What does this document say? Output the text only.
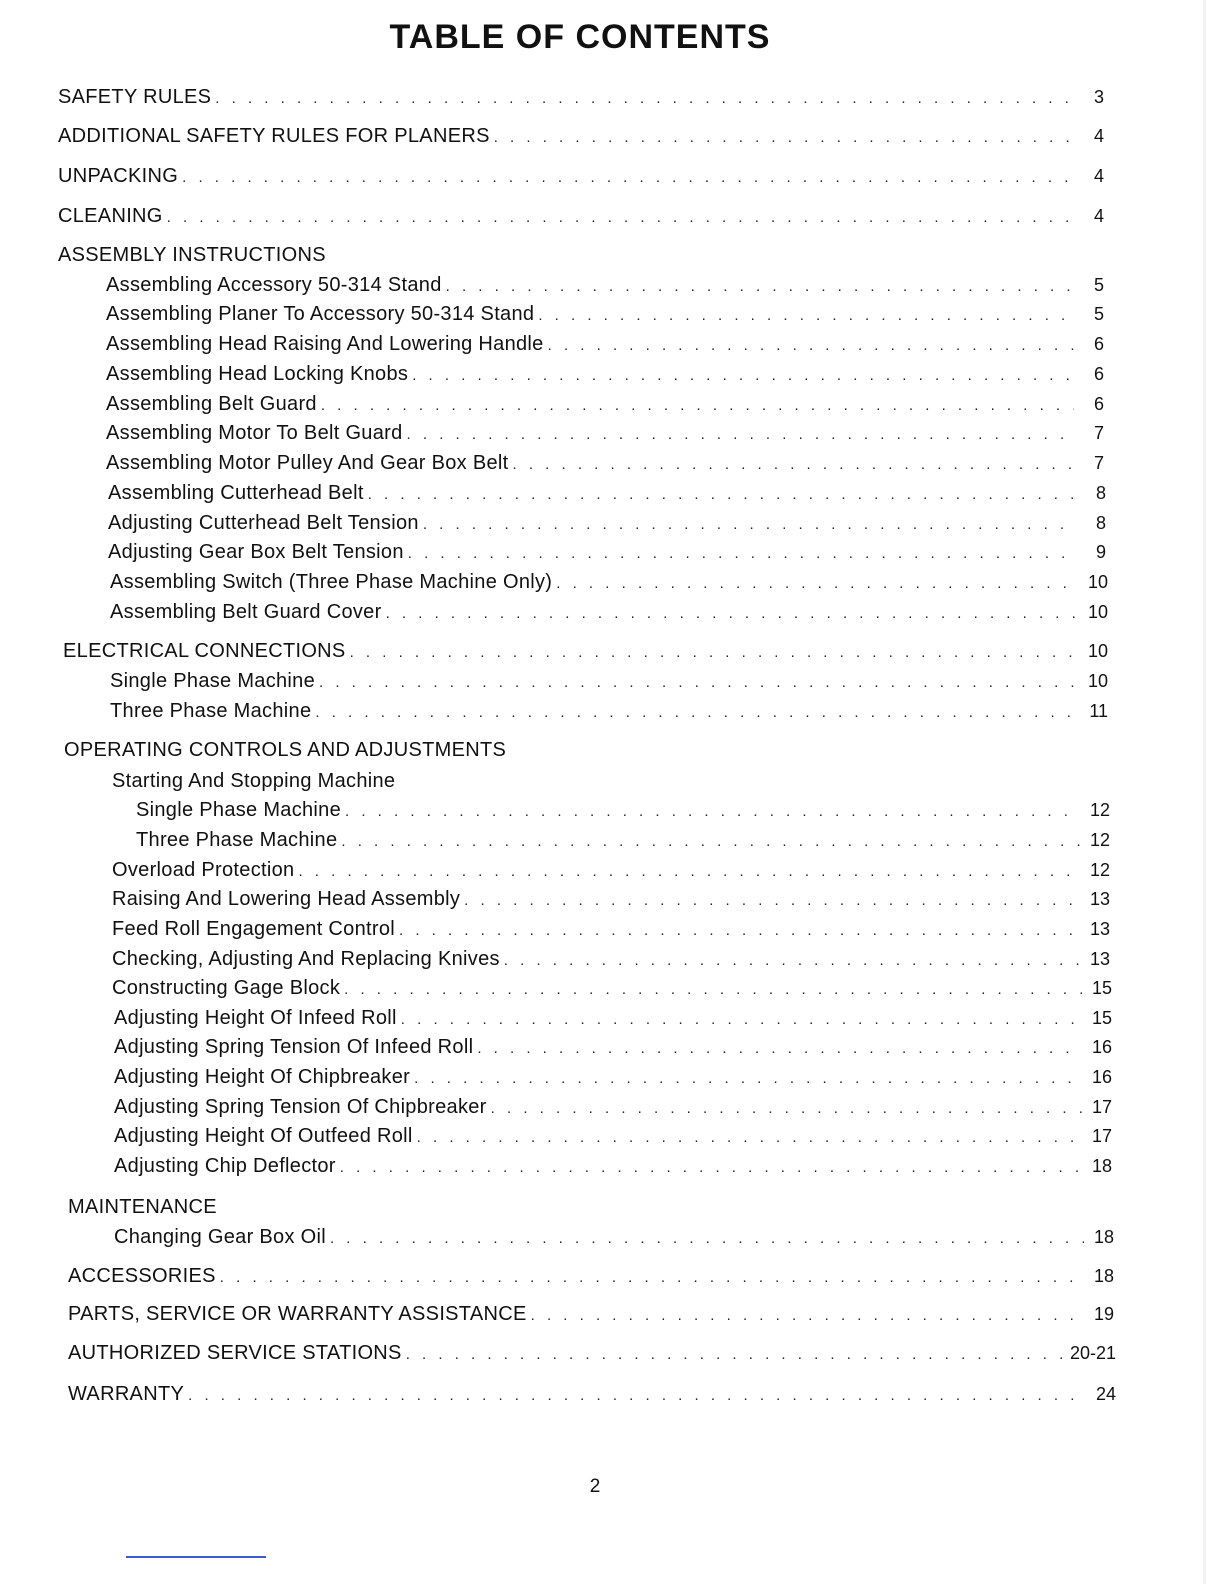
TABLE OF CONTENTS
SAFETY RULES . . .	3
ADDITIONAL SAFETY RULES FOR PLANERS . . .	4
UNPACKING . . .	4
CLEANING . . .	4
ASSEMBLY INSTRUCTIONS
Assembling Accessory 50-314 Stand . . .	5
Assembling Planer To Accessory 50-314 Stand . . .	5
Assembling Head Raising And Lowering Handle . . .	6
Assembling Head Locking Knobs . . .	6
Assembling Belt Guard . . .	6
Assembling Motor To Belt Guard . . .	7
Assembling Motor Pulley And Gear Box Belt . . .	7
Assembling Cutterhead Belt . . .	8
Adjusting Cutterhead Belt Tension . . .	8
Adjusting Gear Box Belt Tension . . .	9
Assembling Switch (Three Phase Machine Only) . . .	10
Assembling Belt Guard Cover . . .	10
ELECTRICAL CONNECTIONS . . .	10
Single Phase Machine . . .	10
Three Phase Machine . . .	11
OPERATING CONTROLS AND ADJUSTMENTS
Starting And Stopping Machine
Single Phase Machine . . .	12
Three Phase Machine . . .	12
Overload Protection . . .	12
Raising And Lowering Head Assembly . . .	13
Feed Roll Engagement Control . . .	13
Checking, Adjusting And Replacing Knives . . .	13
Constructing Gage Block . . .	15
Adjusting Height Of Infeed Roll . . .	15
Adjusting Spring Tension Of Infeed Roll . . .	16
Adjusting Height Of Chipbreaker . . .	16
Adjusting Spring Tension Of Chipbreaker . . .	17
Adjusting Height Of Outfeed Roll . . .	17
Adjusting Chip Deflector . . .	18
MAINTENANCE
Changing Gear Box Oil . . .	18
ACCESSORIES . . .	18
PARTS, SERVICE OR WARRANTY ASSISTANCE . . .	19
AUTHORIZED SERVICE STATIONS . . .	20-21
WARRANTY . . .	24
2
